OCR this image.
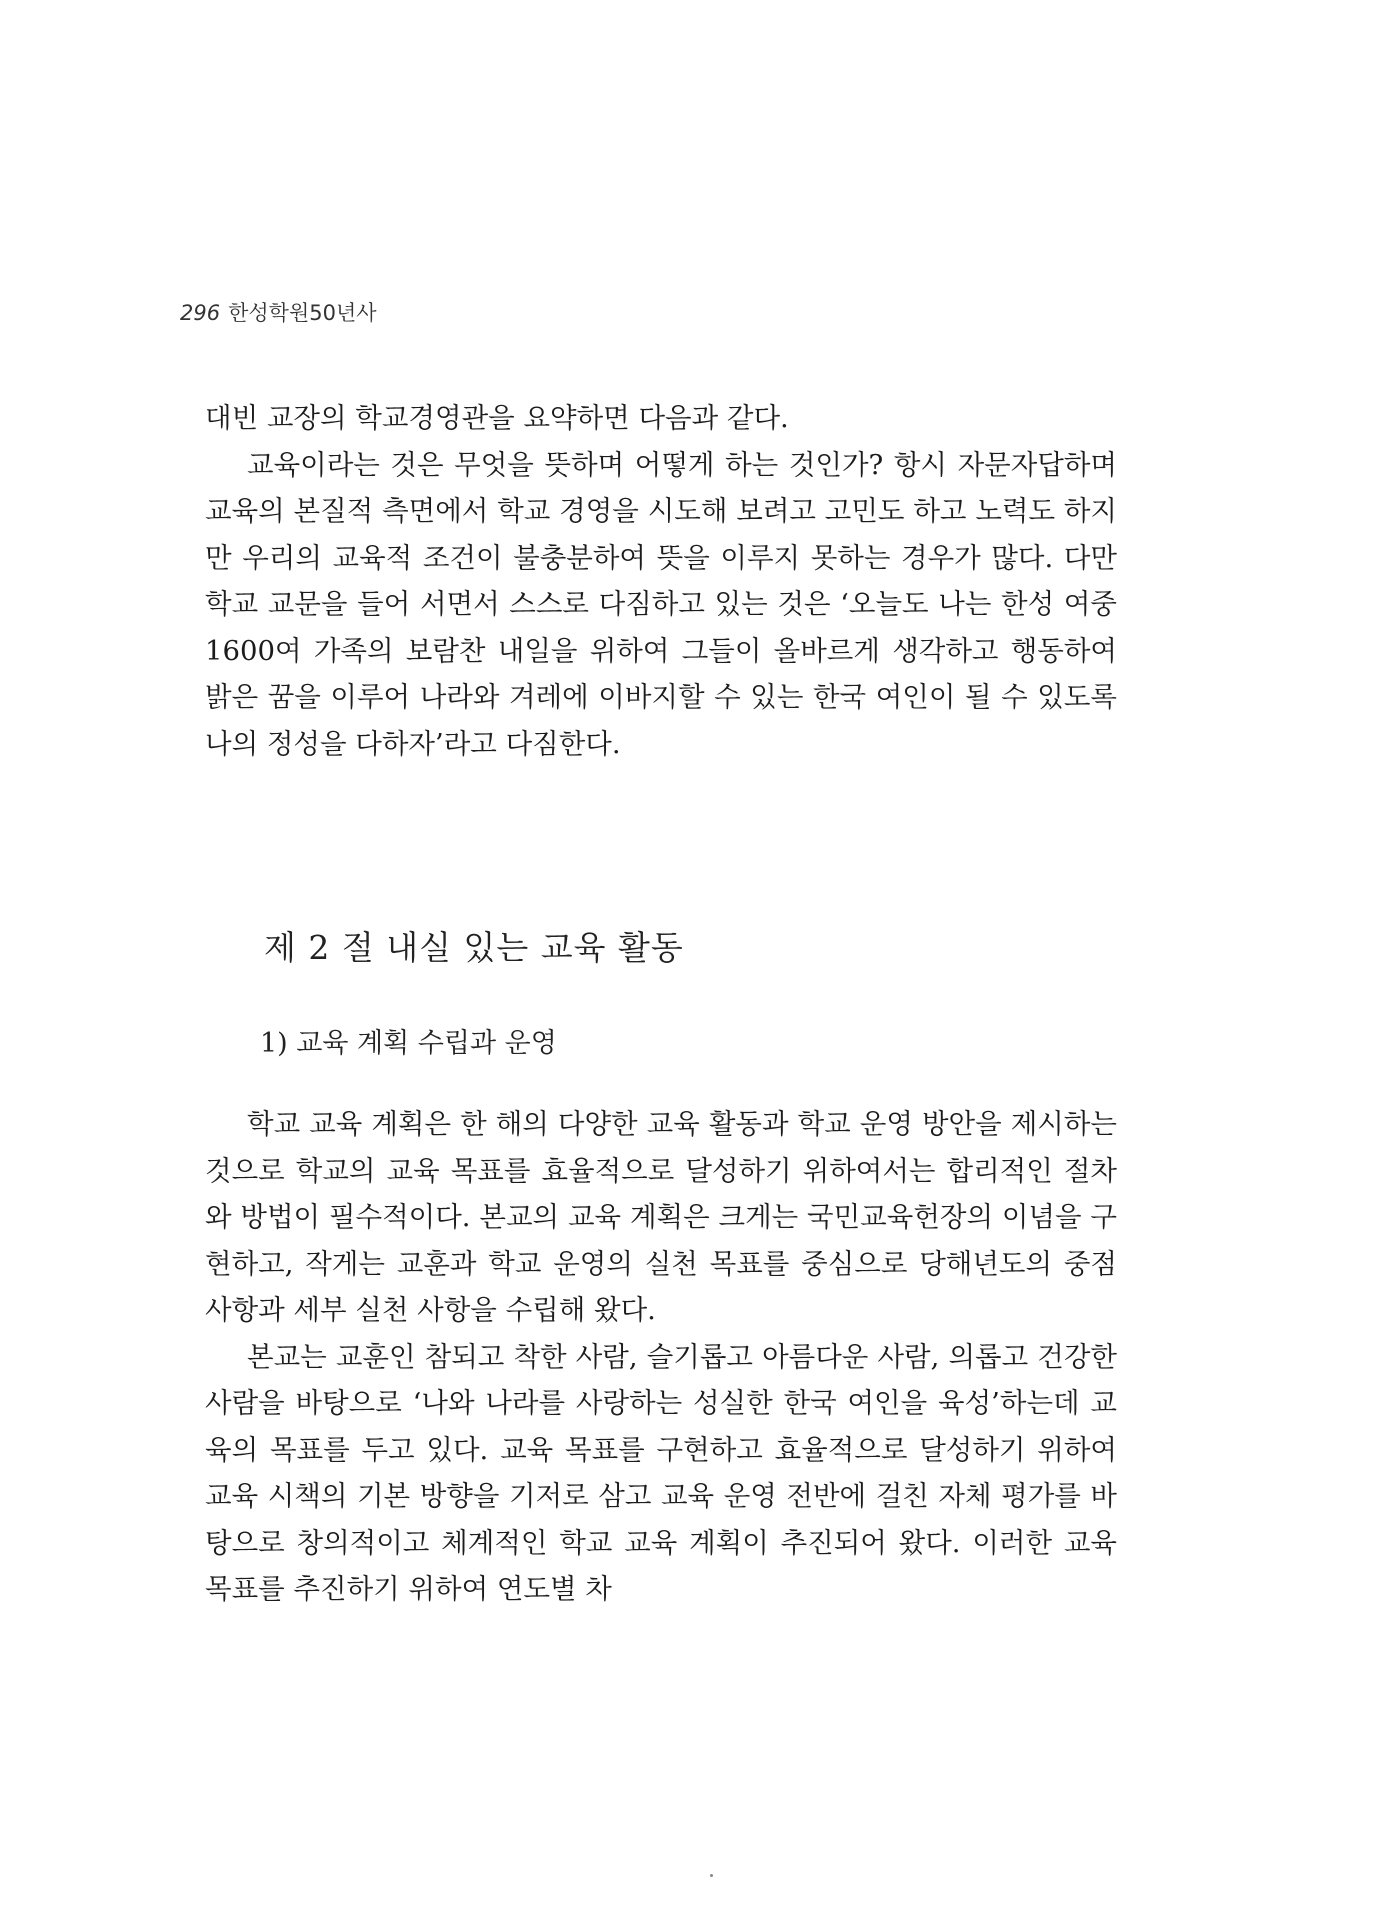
296 한성학원50년사

대빈 교장의 학교경영관을 요약하면 다음과 같다.

교육이라는 것은 무엇을 뜻하며 어떻게 하는 것인가? 항시 자문자답하며 교육의 본질적 측면에서 학교 경영을 시도해 보려고 고민도 하고 노력도 하지만 우리의 교육적 조건이 불충분하여 뜻을 이루지 못하는 경우가 많다. 다만 학교 교문을 들어 서면서 스스로 다짐하고 있는 것은 ‘오늘도 나는 한성 여중 1600여 가족의 보람찬 내일을 위하여 그들이 올바르게 생각하고 행동하여 밝은 꿈을 이루어 나라와 겨레에 이바지할 수 있는 한국 여인이 될 수 있도록 나의 정성을 다하자’라고 다짐한다.

제 2 절 내실 있는 교육 활동
1) 교육 계획 수립과 운영

학교 교육 계획은 한 해의 다양한 교육 활동과 학교 운영 방안을 제시하는 것으로 학교의 교육 목표를 효율적으로 달성하기 위하여서는 합리적인 절차와 방법이 필수적이다. 본교의 교육 계획은 크게는 국민교육헌장의 이념을 구현하고, 작게는 교훈과 학교 운영의 실천 목표를 중심으로 당해년도의 중점 사항과 세부 실천 사항을 수립해 왔다.

본교는 교훈인 참되고 착한 사람, 슬기롭고 아름다운 사람, 의롭고 건강한 사람을 바탕으로 ‘나와 나라를 사랑하는 성실한 한국 여인을 육성’하는데 교육의 목표를 두고 있다. 교육 목표를 구현하고 효율적으로 달성하기 위하여 교육 시책의 기본 방향을 기저로 삼고 교육 운영 전반에 걸친 자체 평가를 바탕으로 창의적이고 체계적인 학교 교육 계획이 추진되어 왔다. 이러한 교육 목표를 추진하기 위하여 연도별 차
